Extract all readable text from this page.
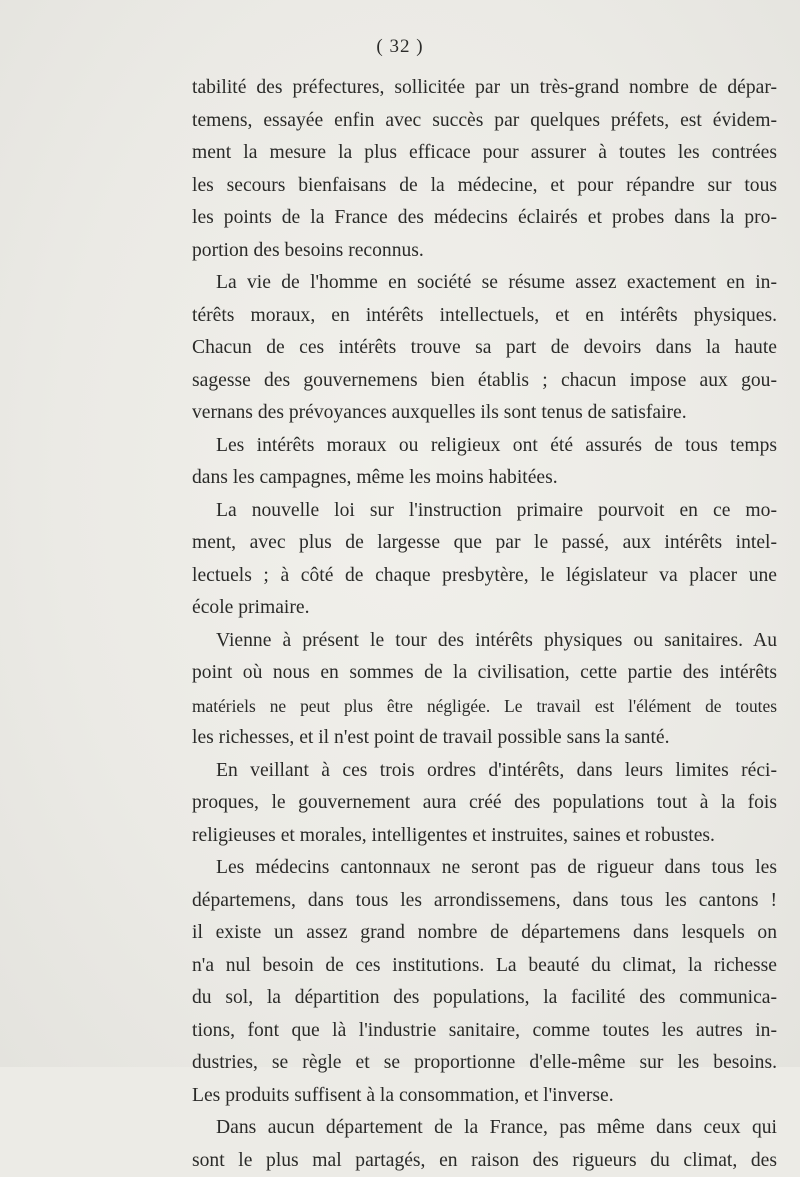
( 32 )
tabilité des préfectures, sollicitée par un très-grand nombre de dépar-
temens, essayée enfin avec succès par quelques préfets, est évidem-
ment la mesure la plus efficace pour assurer à toutes les contrées
les secours bienfaisans de la médecine, et pour répandre sur tous
les points de la France des médecins éclairés et probes dans la pro-
portion des besoins reconnus.
La vie de l'homme en société se résume assez exactement en in-
térêts moraux, en intérêts intellectuels, et en intérêts physiques.
Chacun de ces intérêts trouve sa part de devoirs dans la haute
sagesse des gouvernemens bien établis ; chacun impose aux gou-
vernans des prévoyances auxquelles ils sont tenus de satisfaire.
Les intérêts moraux ou religieux ont été assurés de tous temps
dans les campagnes, même les moins habitées.
La nouvelle loi sur l'instruction primaire pourvoit en ce mo-
ment, avec plus de largesse que par le passé, aux intérêts intel-
lectuels ; à côté de chaque presbytère, le législateur va placer une
école primaire.
Vienne à présent le tour des intérêts physiques ou sanitaires. Au
point où nous en sommes de la civilisation, cette partie des intérêts
matériels ne peut plus être négligée. Le travail est l'élément de toutes
les richesses, et il n'est point de travail possible sans la santé.
En veillant à ces trois ordres d'intérêts, dans leurs limites réci-
proques, le gouvernement aura créé des populations tout à la fois
religieuses et morales, intelligentes et instruites, saines et robustes.
Les médecins cantonnaux ne seront pas de rigueur dans tous les
départemens, dans tous les arrondissemens, dans tous les cantons !
il existe un assez grand nombre de départemens dans lesquels on
n'a nul besoin de ces institutions. La beauté du climat, la richesse
du sol, la départition des populations, la facilité des communica-
tions, font que là l'industrie sanitaire, comme toutes les autres in-
dustries, se règle et se proportionne d'elle-même sur les besoins.
Les produits suffisent à la consommation, et l'inverse.
Dans aucun département de la France, pas même dans ceux qui
sont le plus mal partagés, en raison des rigueurs du climat, des
